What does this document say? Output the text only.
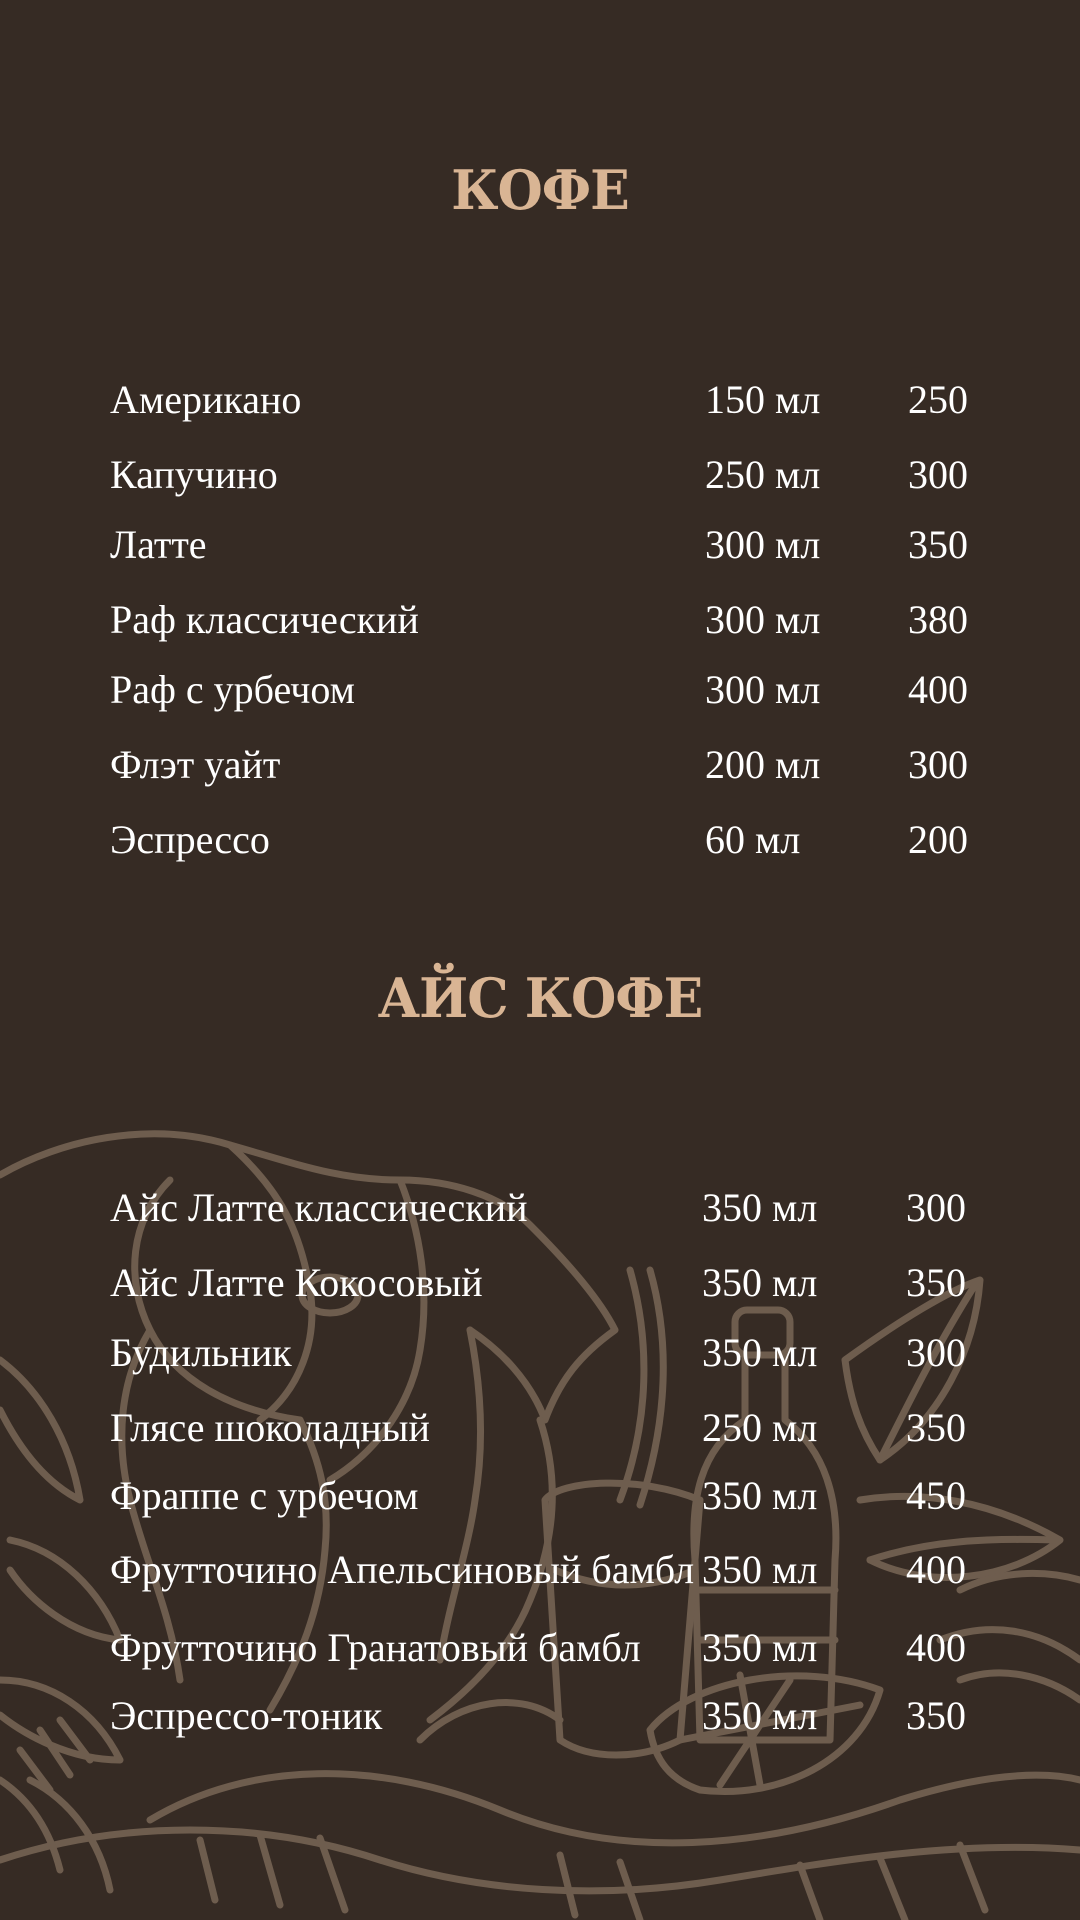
КОФЕ
Американо	150 мл 250
Капучино	250 мл 300
Латте	300 мл 350
Раф классический	300 мл 380
Раф с урбечом	300 мл 400
Флэт уайт	200 мл 300
Эспрессо	60 мл	200
АЙС КОФЕ
Айс Латте классический	350 мл 300
Айс Латте Кокосовый	350 мл 350
Будильник	350 мл 300
Глясе шоколадный	250 мл 350
Фраппе с урбечом	350 мл 450
Фрутточино Апельсиновый бамбл 350 мл 400
Фрутточино Гранатовый бамбл 350 мл 400
Эспрессо-тоник	350 мл 350
